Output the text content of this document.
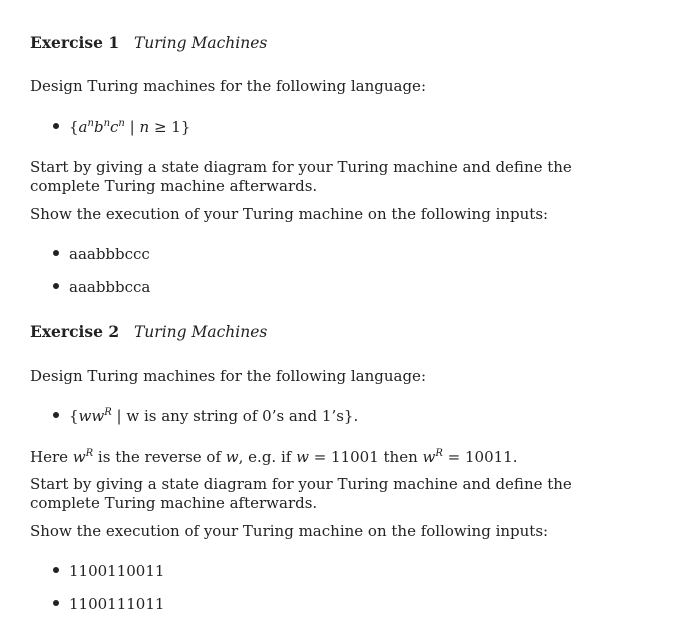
Exercise 1 Turing Machines
Design Turing machines for the following language:
{$a^nb^nc^n$ | n ≥ 1}
Start by giving a state diagram for your Turing machine and define the complete Turing machine afterwards.
Show the execution of your Turing machine on the following inputs:
aaabbbccc
aaabbbcca
Exercise 2 Turing Machines
Design Turing machines for the following language:
{$ww^R$ | w is any string of 0’s and 1’s}.
Here $w^R$ is the reverse of w, e.g. if w = 11001 then $w^R = 10011$.
Start by giving a state diagram for your Turing machine and define the complete Turing machine afterwards.
Show the execution of your Turing machine on the following inputs:
1100110011
1100111011
